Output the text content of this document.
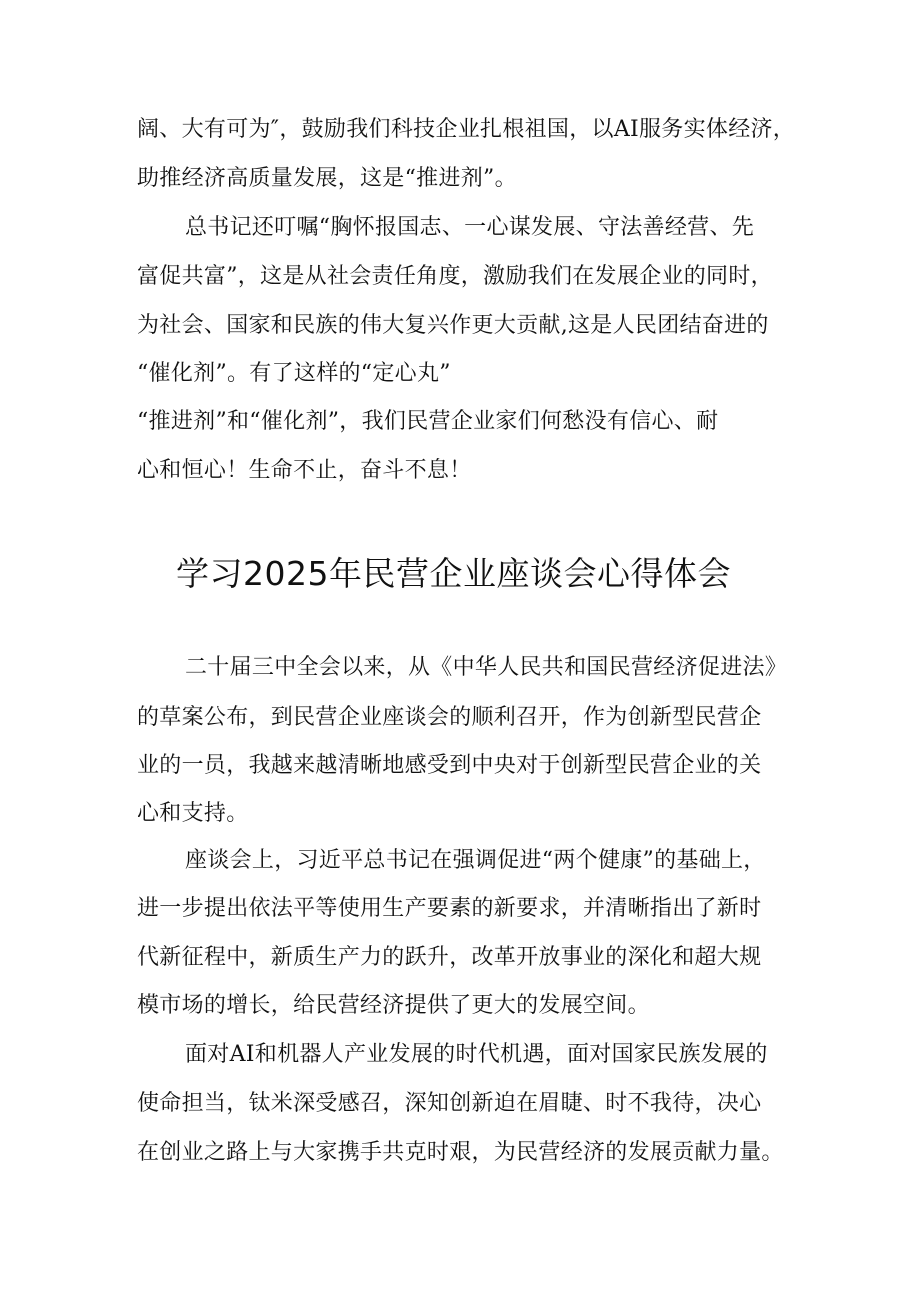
阔、大有可为″，鼓励我们科技企业扎根祖国，以AI服务实体经济，
助推经济高质量发展，这是“推进剂”。
总书记还叮嘱“胸怀报国志、一心谋发展、守法善经营、先
富促共富”，这是从社会责任角度，激励我们在发展企业的同时，
为社会、国家和民族的伟大复兴作更大贡献,这是人民团结奋进的
“催化剂”。有了这样的“定心丸”
“推进剂”和“催化剂”，我们民营企业家们何愁没有信心、耐
心和恒心！生命不止，奋斗不息！
学习2025年民营企业座谈会心得体会
二十届三中全会以来，从《中华人民共和国民营经济促进法》
的草案公布，到民营企业座谈会的顺利召开，作为创新型民营企
业的一员，我越来越清晰地感受到中央对于创新型民营企业的关
心和支持。
座谈会上，习近平总书记在强调促进“两个健康”的基础上，
进一步提出依法平等使用生产要素的新要求，并清晰指出了新时
代新征程中，新质生产力的跃升，改革开放事业的深化和超大规
模市场的增长，给民营经济提供了更大的发展空间。
面对AI和机器人产业发展的时代机遇，面对国家民族发展的
使命担当，钛米深受感召，深知创新迫在眉睫、时不我待，决心
在创业之路上与大家携手共克时艰，为民营经济的发展贡献力量。
